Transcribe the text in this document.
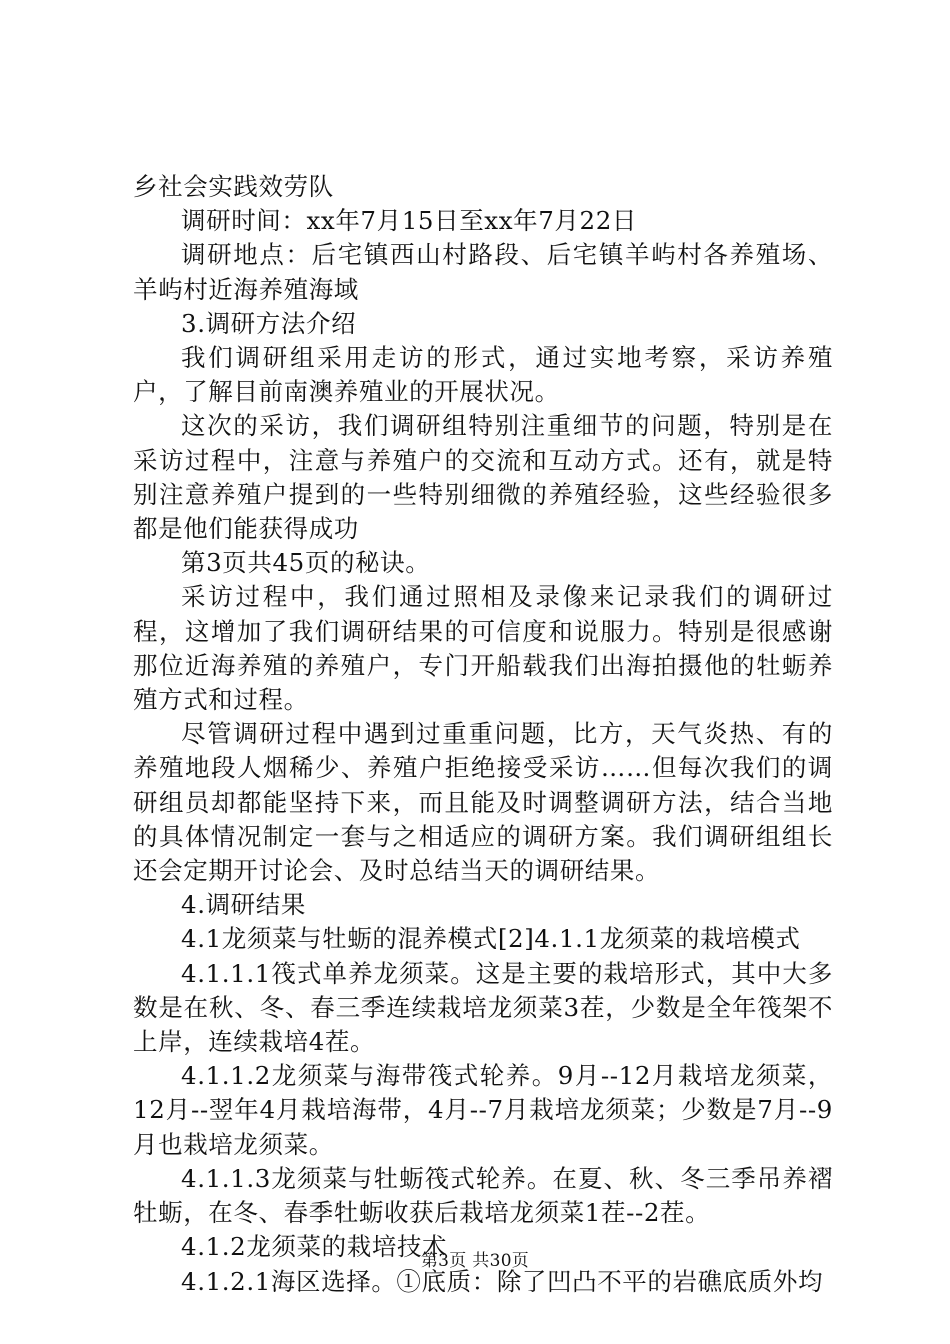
乡社会实践效劳队

调研时间：xx年7月15日至xx年7月22日

调研地点：后宅镇西山村路段、后宅镇羊屿村各养殖场、羊屿村近海养殖海域

3.调研方法介绍

我们调研组采用走访的形式，通过实地考察，采访养殖户，了解目前南澳养殖业的开展状况。

这次的采访，我们调研组特别注重细节的问题，特别是在采访过程中，注意与养殖户的交流和互动方式。还有，就是特别注意养殖户提到的一些特别细微的养殖经验，这些经验很多都是他们能获得成功

第3页共45页的秘诀。

采访过程中，我们通过照相及录像来记录我们的调研过程，这增加了我们调研结果的可信度和说服力。特别是很感谢那位近海养殖的养殖户，专门开船载我们出海拍摄他的牡蛎养殖方式和过程。

尽管调研过程中遇到过重重问题，比方，天气炎热、有的养殖地段人烟稀少、养殖户拒绝接受采访……但每次我们的调研组员却都能坚持下来，而且能及时调整调研方法，结合当地的具体情况制定一套与之相适应的调研方案。我们调研组组长还会定期开讨论会、及时总结当天的调研结果。

4.调研结果

4.1龙须菜与牡蛎的混养模式[2]4.1.1龙须菜的栽培模式

4.1.1.1筏式单养龙须菜。这是主要的栽培形式，其中大多数是在秋、冬、春三季连续栽培龙须菜3茬，少数是全年筏架不上岸，连续栽培4茬。

4.1.1.2龙须菜与海带筏式轮养。9月--12月栽培龙须菜，12月--翌年4月栽培海带，4月--7月栽培龙须菜；少数是7月--9月也栽培龙须菜。

4.1.1.3龙须菜与牡蛎筏式轮养。在夏、秋、冬三季吊养褶牡蛎，在冬、春季牡蛎收获后栽培龙须菜1茬--2茬。

4.1.2龙须菜的栽培技术

4.1.2.1海区选择。①底质：除了凹凸不平的岩礁底质外均

第3页 共30页
